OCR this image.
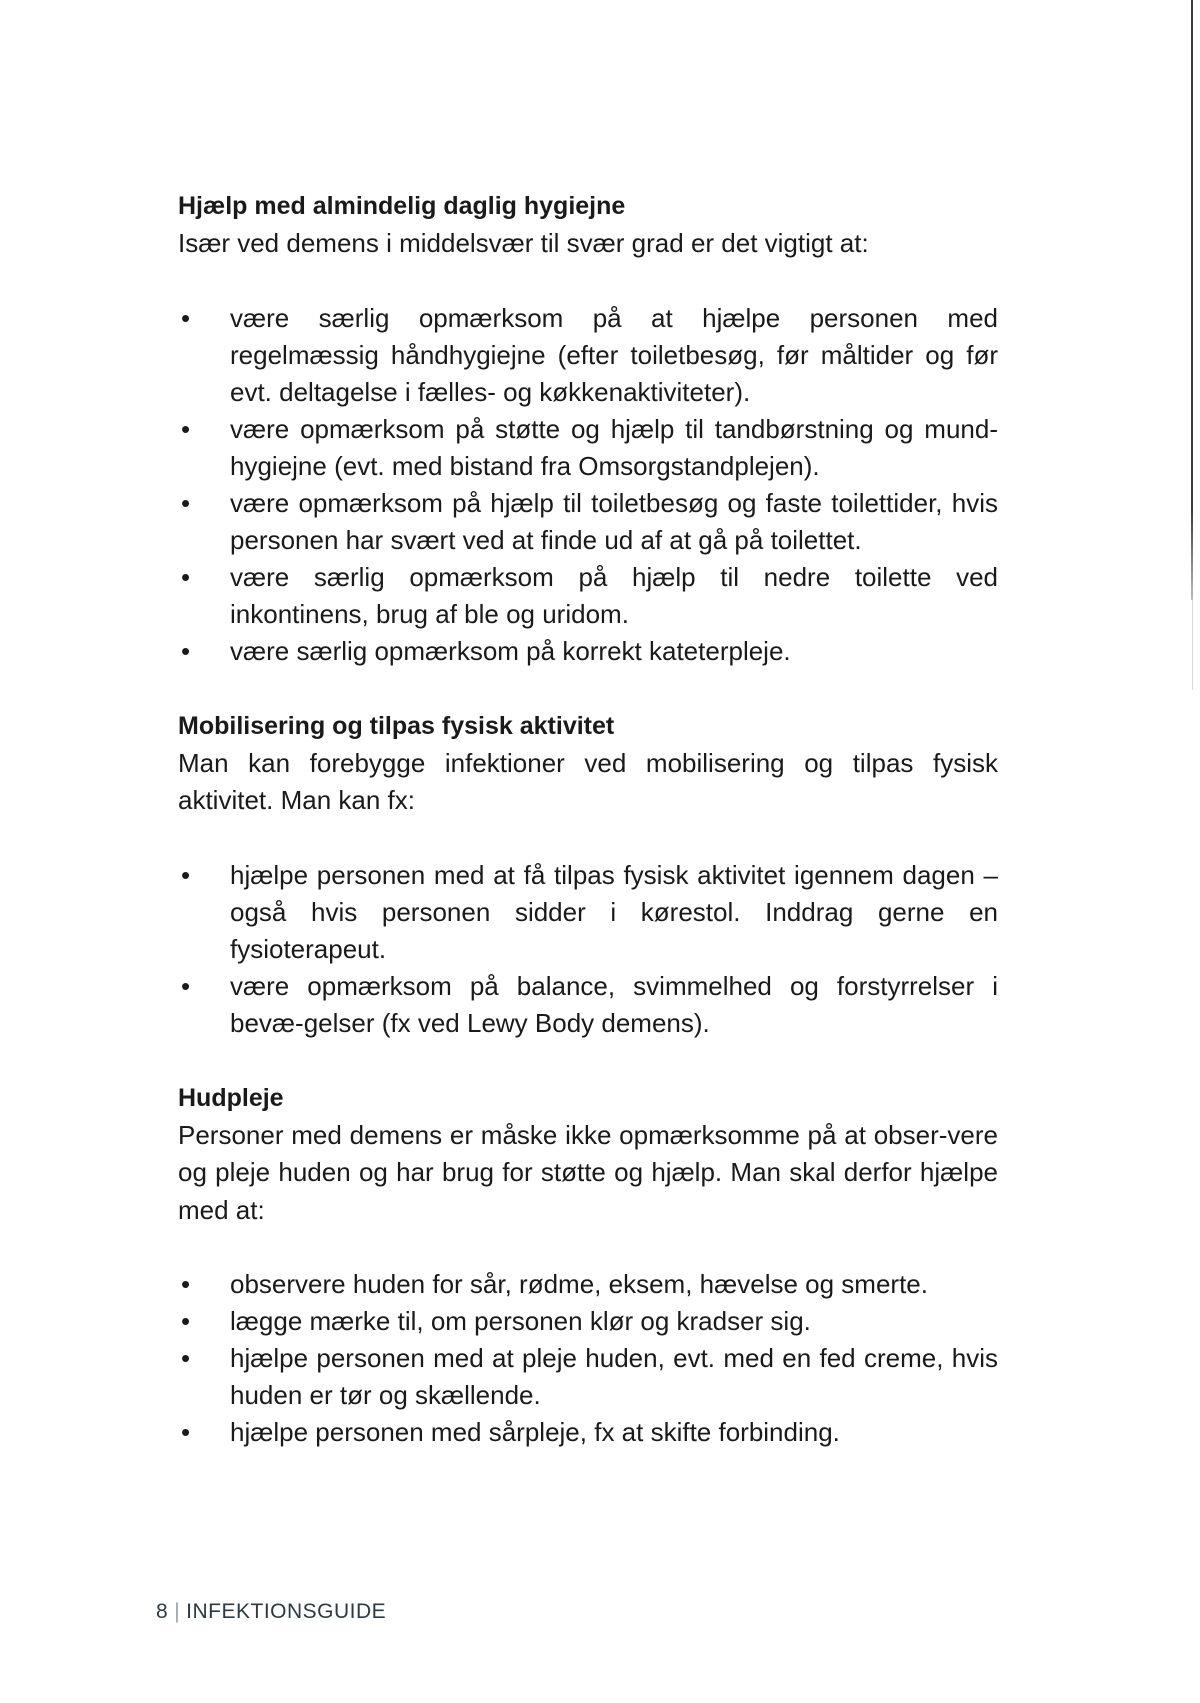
Hjælp med almindelig daglig hygiejne

Især ved demens i middelsvær til svær grad er det vigtigt at:

•	være særlig opmærksom på at hjælpe personen med regelmæssig håndhygiejne (efter toiletbesøg, før måltider og før evt. deltagelse i fælles- og køkkenaktiviteter).
•	være opmærksom på støtte og hjælp til tandbørstning og mund-hygiejne (evt. med bistand fra Omsorgstandplejen).
•	være opmærksom på hjælp til toiletbesøg og faste toilettider, hvis personen har svært ved at finde ud af at gå på toilettet.
•	være særlig opmærksom på hjælp til nedre toilette ved inkontinens, brug af ble og uridom.
•	være særlig opmærksom på korrekt kateterpleje.
Mobilisering og tilpas fysisk aktivitet

Man kan forebygge infektioner ved mobilisering og tilpas fysisk aktivitet. Man kan fx:

•	hjælpe personen med at få tilpas fysisk aktivitet igennem dagen – også hvis personen sidder i kørestol. Inddrag gerne en fysioterapeut.
•	være opmærksom på balance, svimmelhed og forstyrrelser i bevæ-gelser (fx ved Lewy Body demens).
Hudpleje

Personer med demens er måske ikke opmærksomme på at obser-vere og pleje huden og har brug for støtte og hjælp. Man skal derfor hjælpe med at:

•	observere huden for sår, rødme, eksem, hævelse og smerte.
•	lægge mærke til, om personen klør og kradser sig.
•	hjælpe personen med at pleje huden, evt. med en fed creme, hvis huden er tør og skællende.
•	hjælpe personen med sårpleje, fx at skifte forbinding.
8 | INFEKTIONSGUIDE
